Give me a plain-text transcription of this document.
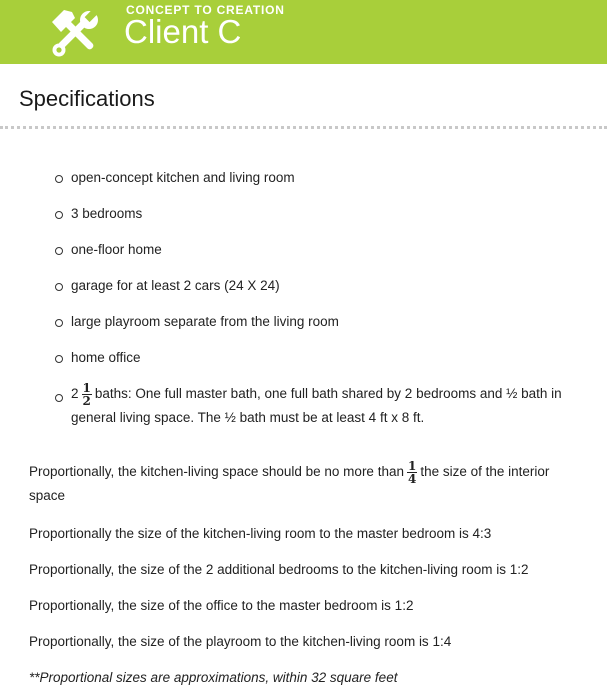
CONCEPT TO CREATION
Client C
Specifications
open-concept kitchen and living room
3 bedrooms
one-floor home
garage for at least 2 cars (24 X 24)
large playroom separate from the living room
home office
$2 \frac{1}{2}$ baths: One full master bath, one full bath shared by 2 bedrooms and ½ bath in general living space. The ½ bath must be at least 4 ft x 8 ft.

Proportionally, the kitchen-living space should be no more than $\frac{1}{4}$ the size of the interior space

Proportionally the size of the kitchen-living room to the master bedroom is 4:3

Proportionally, the size of the 2 additional bedrooms to the kitchen-living room is 1:2

Proportionally, the size of the office to the master bedroom is 1:2

Proportionally, the size of the playroom to the kitchen-living room is 1:4

**Proportional sizes are approximations, within 32 square feet
